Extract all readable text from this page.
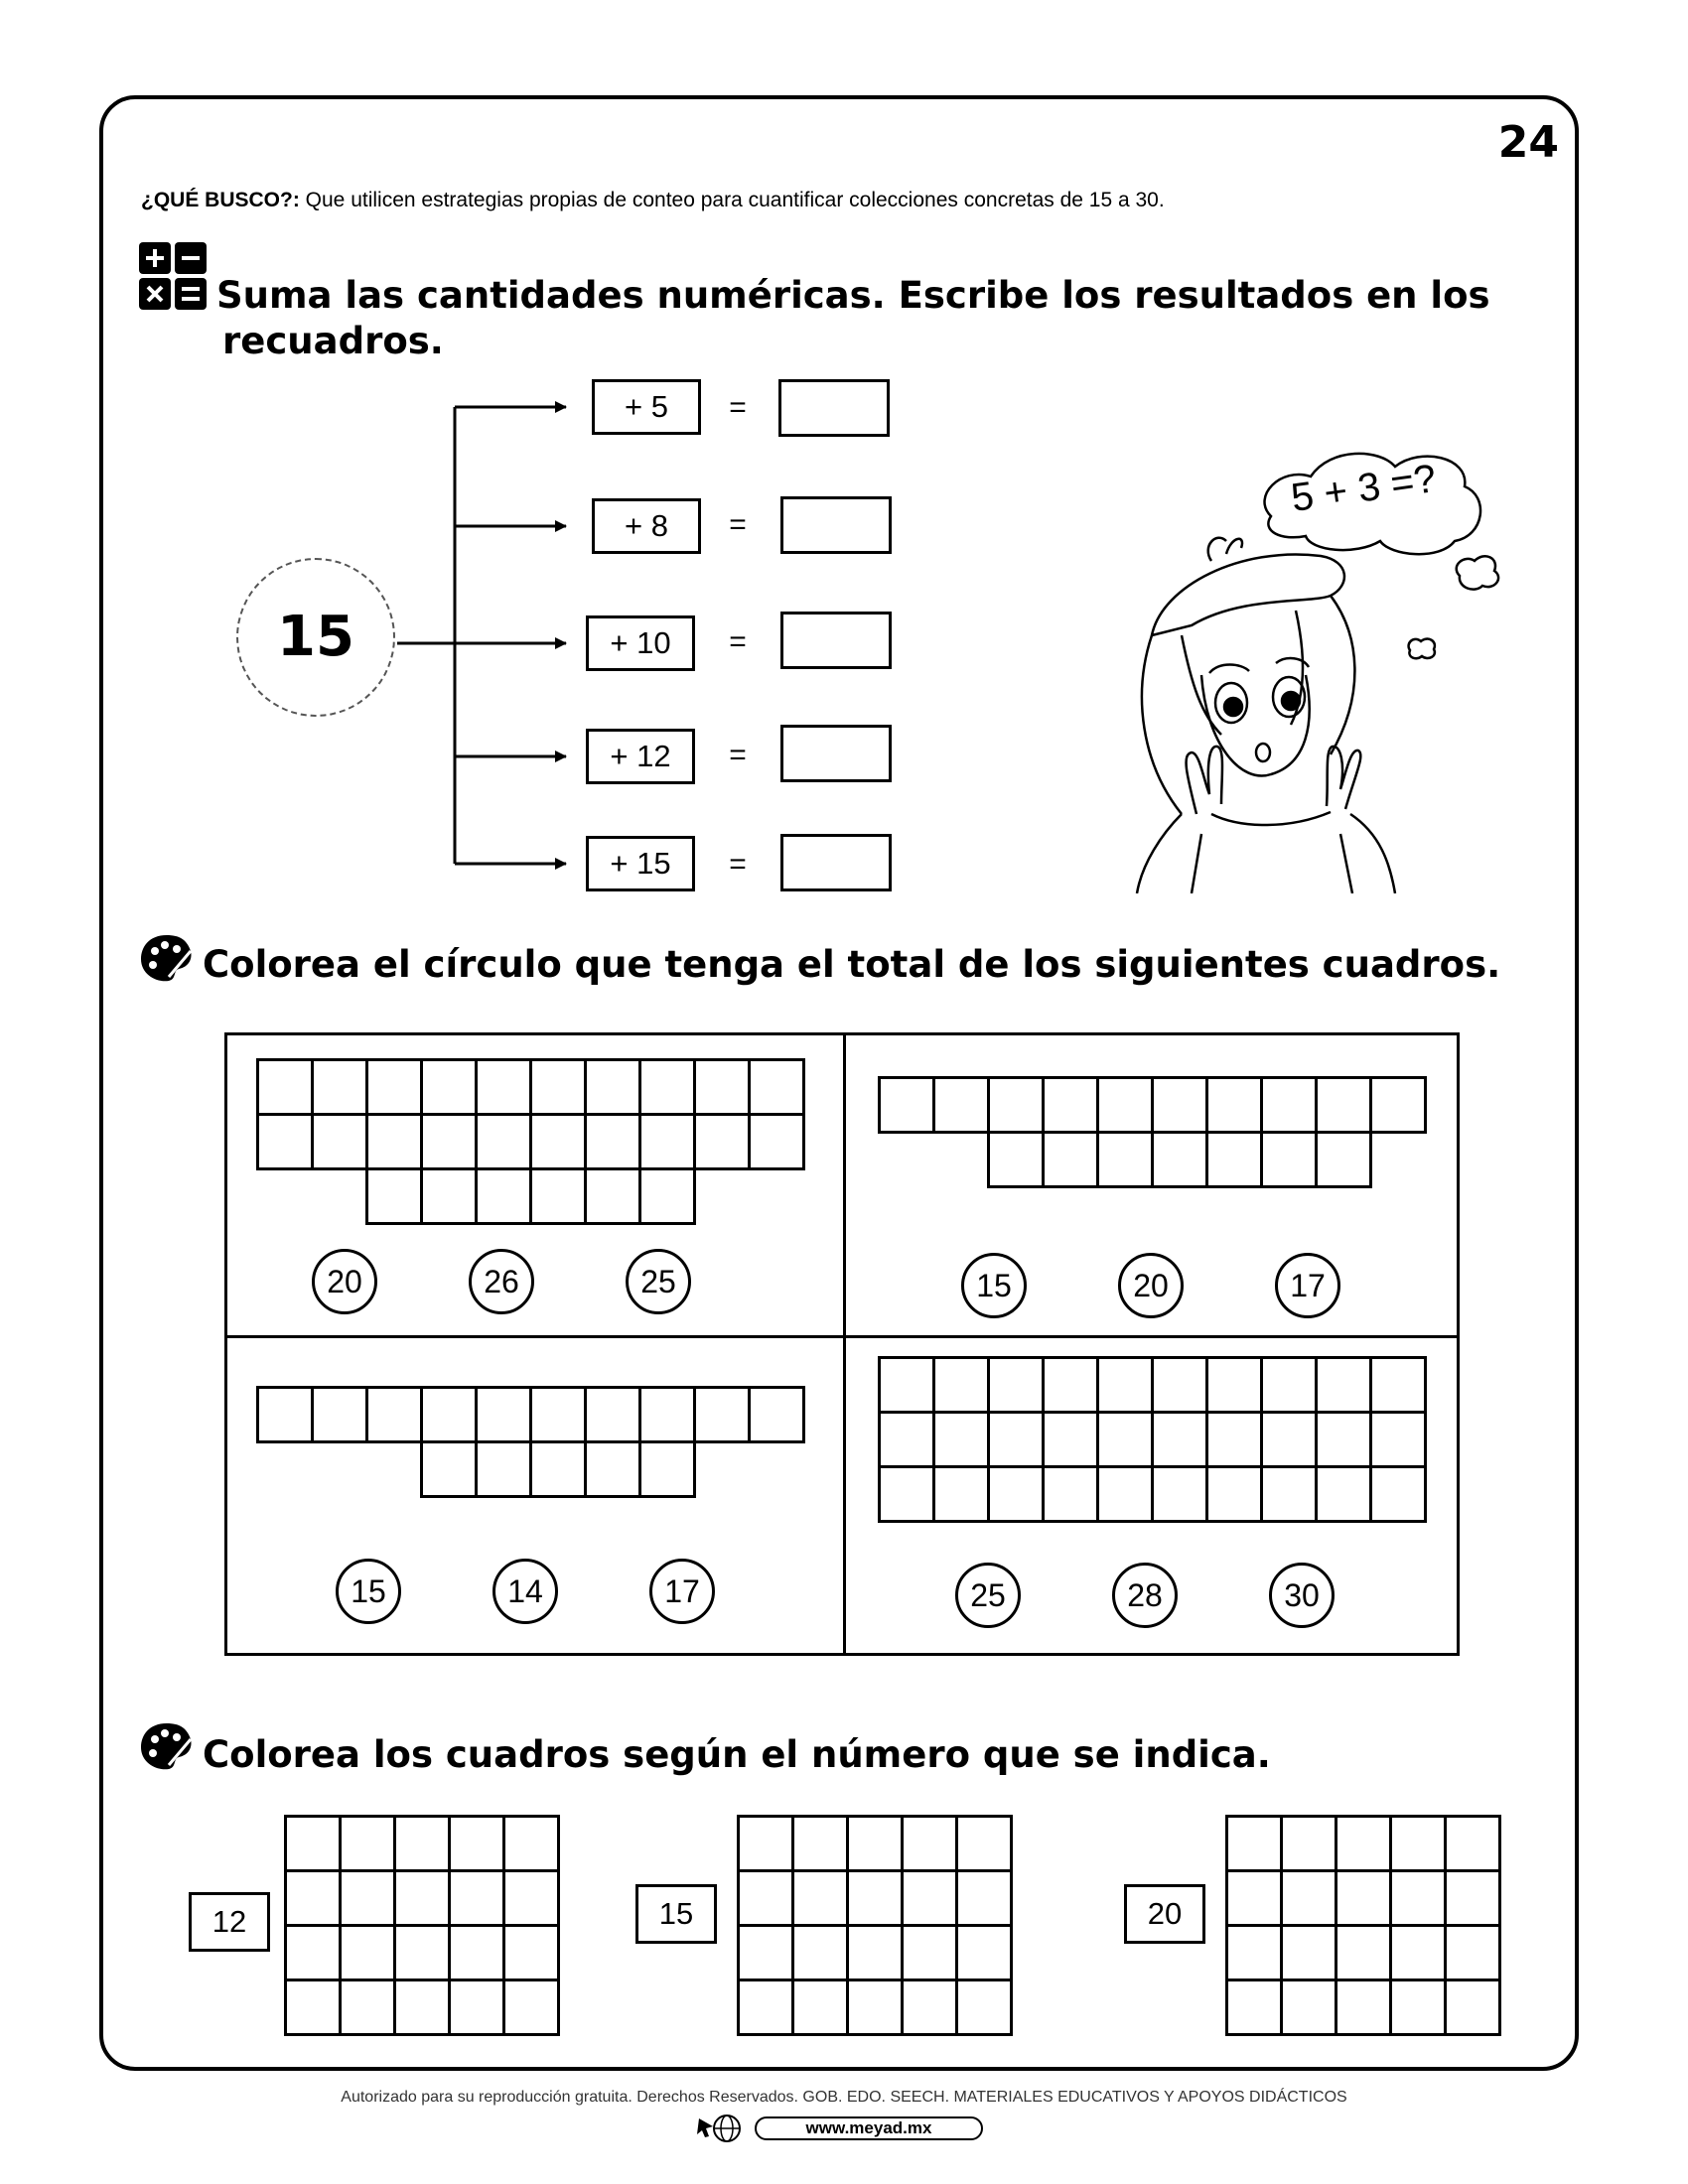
24
¿QUÉ BUSCO?: Que utilicen estrategias propias de conteo para cuantificar colecciones concretas de 15 a 30.
Suma las cantidades numéricas. Escribe los resultados en los
recuadros.
15
+ 5
+ 8
+ 10
+ 12
+ 15
=
=
=
=
=
5 + 3 =?
Colorea el círculo que tenga el total de los siguientes cuadros.
20	26	25	15	20	17
15	14	17	25	28	30
Colorea los cuadros según el número que se indica.
12	15	20
Autorizado para su reproducción gratuita. Derechos Reservados. GOB. EDO. SEECH. MATERIALES EDUCATIVOS Y APOYOS DIDÁCTICOS
www.meyad.mx
